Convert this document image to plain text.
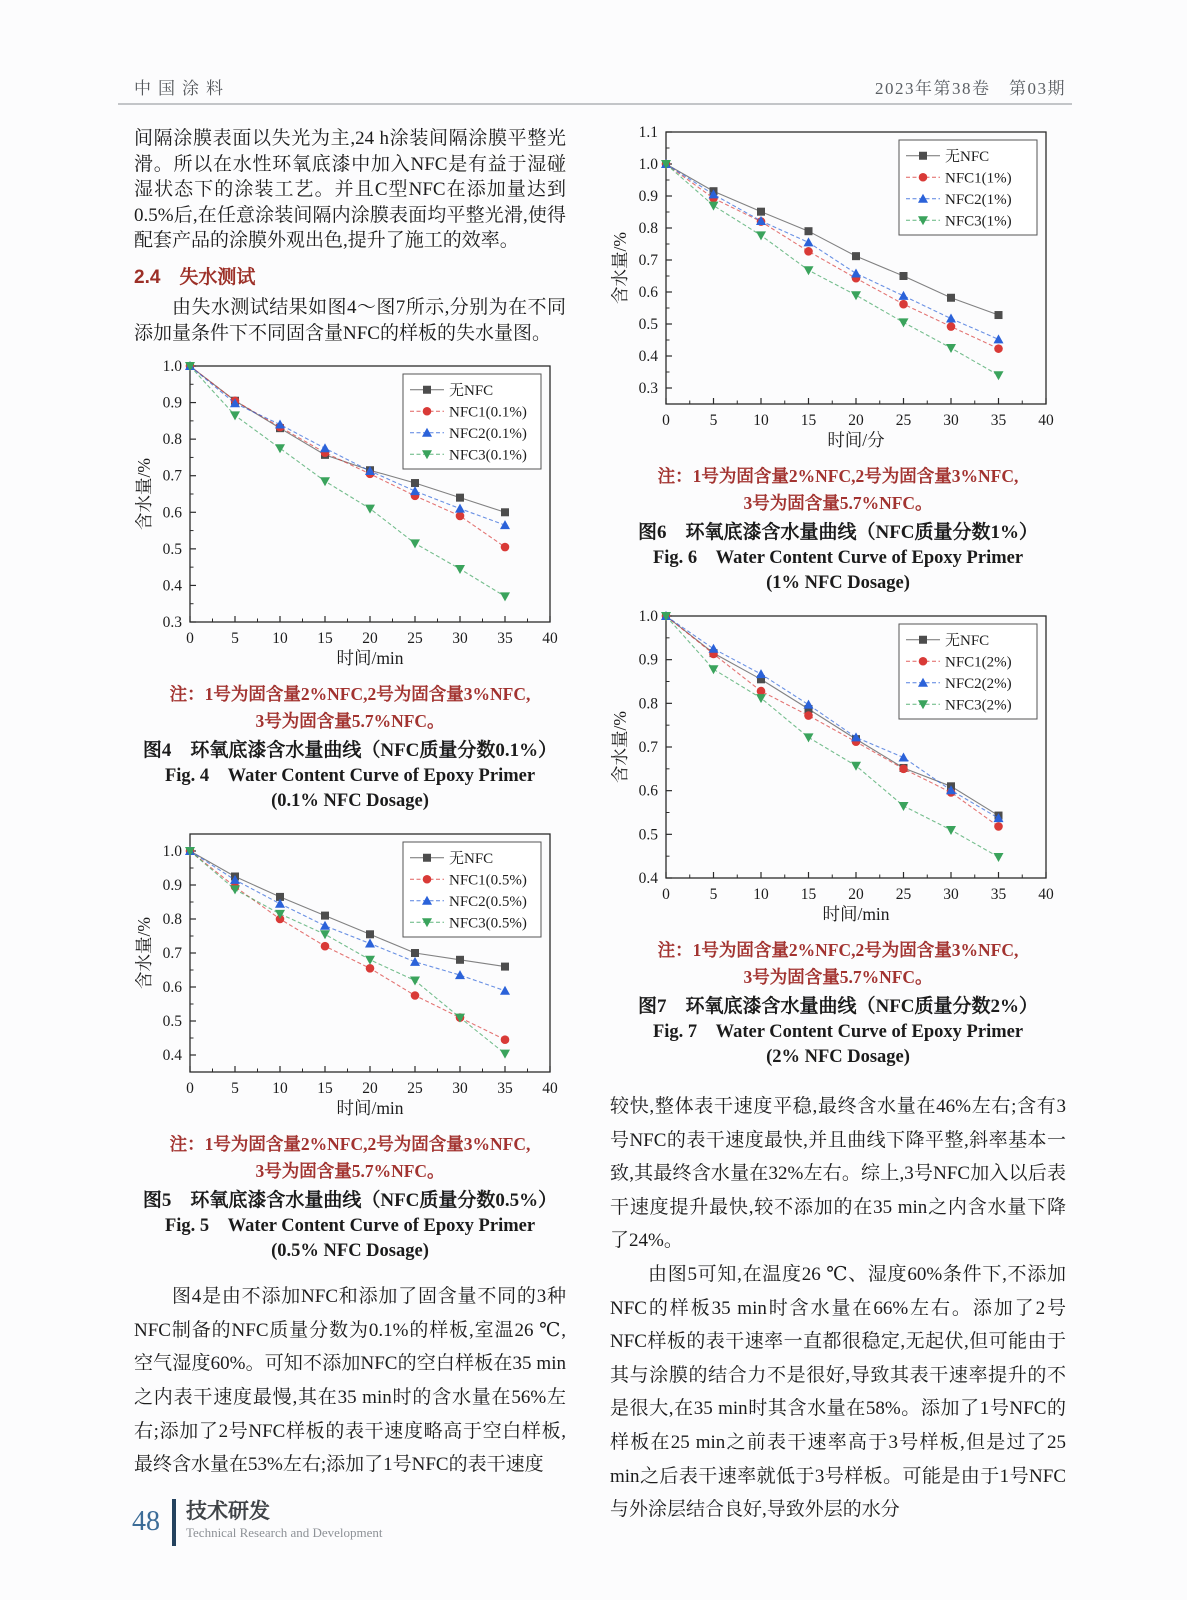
中国涂料	2023年第38卷　第03期

间隔涂膜表面以失光为主,24 h涂装间隔涂膜平整光滑。所以在水性环氧底漆中加入NFC是有益于湿碰湿状态下的涂装工艺。并且C型NFC在添加量达到0.5%后,在任意涂装间隔内涂膜表面均平整光滑,使得配套产品的涂膜外观出色,提升了施工的效率。

2.4　失水测试

由失水测试结果如图4～图7所示,分别为在不同添加量条件下不同固含量NFC的样板的失水量图。

0 5 10 15 20 25 30 35 40
0.3
0.4
0.5
0.6
0.7
0.8
0.9
1.0
时间/min
含水量/%
无NFC
NFC1(0.1%)
NFC2(0.1%)
NFC3(0.1%)

注：1号为固含量2%NFC,2号为固含量3%NFC,
3号为固含量5.7%NFC。

图4　环氧底漆含水量曲线（NFC质量分数0.1%）

Fig. 4　Water Content Curve of Epoxy Primer
(0.1% NFC Dosage)

0 5 10 15 20 25 30 35 40
0.4
0.5
0.6
0.7
0.8
0.9
1.0
时间/min
含水量/%
无NFC
NFC1(0.5%)
NFC2(0.5%)
NFC3(0.5%)

注：1号为固含量2%NFC,2号为固含量3%NFC,
3号为固含量5.7%NFC。

图5　环氧底漆含水量曲线（NFC质量分数0.5%）

Fig. 5　Water Content Curve of Epoxy Primer
(0.5% NFC Dosage)

图4是由不添加NFC和添加了固含量不同的3种NFC制备的NFC质量分数为0.1%的样板,室温26 ℃,空气湿度60%。可知不添加NFC的空白样板在35 min之内表干速度最慢,其在35 min时的含水量在56%左右;添加了2号NFC样板的表干速度略高于空白样板,最终含水量在53%左右;添加了1号NFC的表干速度

0	5 10 15 20 25 30 35 40
0.3
0.4
0.5
0.6
0.7
0.8
0.9
1.0
1.1
时间/分
含水量/%
无NFC
NFC1(1%)
NFC2(1%)
NFC3(1%)

注：1号为固含量2%NFC,2号为固含量3%NFC,
3号为固含量5.7%NFC。

图6　环氧底漆含水量曲线（NFC质量分数1%）

Fig. 6　Water Content Curve of Epoxy Primer
(1% NFC Dosage)

0	5 10 15 20 25 30 35 40
0.4
0.5
0.6
0.7
0.8
0.9
1.0
时间/min
含水量/%
无NFC
NFC1(2%)
NFC2(2%)
NFC3(2%)

注：1号为固含量2%NFC,2号为固含量3%NFC,
3号为固含量5.7%NFC。

图7　环氧底漆含水量曲线（NFC质量分数2%）

Fig. 7　Water Content Curve of Epoxy Primer
(2% NFC Dosage)

较快,整体表干速度平稳,最终含水量在46%左右;含有3号NFC的表干速度最快,并且曲线下降平整,斜率基本一致,其最终含水量在32%左右。综上,3号NFC加入以后表干速度提升最快,较不添加的在35 min之内含水量下降了24%。

由图5可知,在温度26 ℃、湿度60%条件下,不添加NFC的样板35 min时含水量在66%左右。添加了2号NFC样板的表干速率一直都很稳定,无起伏,但可能由于其与涂膜的结合力不是很好,导致其表干速率提升的不是很大,在35 min时其含水量在58%。添加了1号NFC的样板在25 min之前表干速率高于3号样板,但是过了25 min之后表干速率就低于3号样板。可能是由于1号NFC与外涂层结合良好,导致外层的水分

48 技术研发
Technical Research and Development
